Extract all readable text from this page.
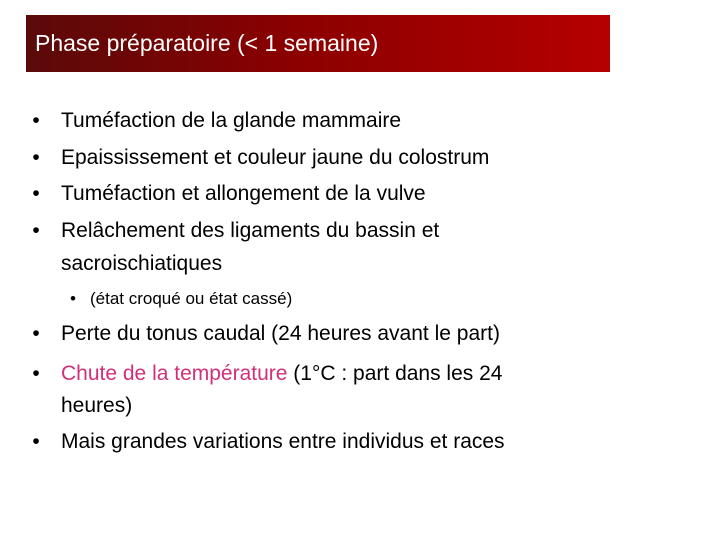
Phase préparatoire (< 1 semaine)
•	Tuméfaction de la glande mammaire
•	Epaississement et couleur jaune du colostrum
•	Tuméfaction et allongement de la vulve
•	Relâchement des ligaments du bassin et
sacroischiatiques
• (état croqué ou état cassé)
•	Perte du tonus caudal (24 heures avant le part)
•	Chute de la température (1°C : part dans les 24
heures)
•	Mais grandes variations entre individus et races
